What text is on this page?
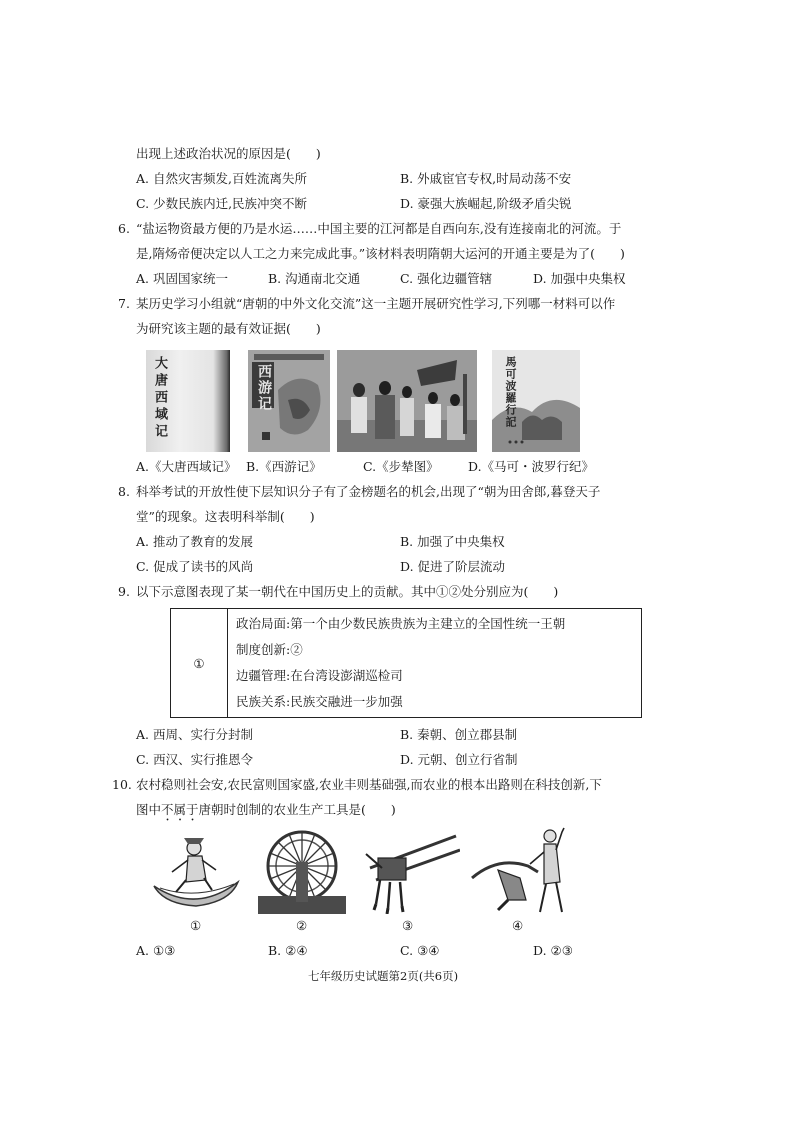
出现上述政治状况的原因是(　　)
A. 自然灾害频发,百姓流离失所	B. 外戚宦官专权,时局动荡不安
C. 少数民族内迁,民族冲突不断	D. 豪强大族崛起,阶级矛盾尖锐
6. “盐运物资最方便的乃是水运……中国主要的江河都是自西向东,没有连接南北的河流。于
是,隋炀帝便决定以人工之力来完成此事。”该材料表明隋朝大运河的开通主要是为了(　　)
A. 巩固国家统一	B. 沟通南北交通	C. 强化边疆管辖	D. 加强中央集权
7. 某历史学习小组就“唐朝的中外文化交流”这一主题开展研究性学习,下列哪一材料可以作
为研究该主题的最有效证据(　　)
大唐西域记	西游记	馬可波羅行記
A.《大唐西域记》 B.《西游记》	C.《步辇图》 D.《马可・波罗行纪》
8. 科举考试的开放性使下层知识分子有了金榜题名的机会,出现了“朝为田舍郎,暮登天子
堂”的现象。这表明科举制(　　)
A. 推动了教育的发展	B. 加强了中央集权
C. 促成了读书的风尚	D. 促进了阶层流动
9. 以下示意图表现了某一朝代在中国历史上的贡献。其中①②处分别应为(　　)
①	
政治局面:第一个由少数民族贵族为主建立的全国性统一王朝
制度创新:②
边疆管理:在台湾设澎湖巡检司
民族关系:民族交融进一步加强
A. 西周、实行分封制	B. 秦朝、创立郡县制
C. 西汉、实行推恩令	D. 元朝、创立行省制
10. 农村稳则社会安,农民富则国家盛,农业丰则基础强,而农业的根本出路则在科技创新,下
图中不属于唐朝时创制的农业生产工具是(　　)
①	②	③	④
A. ①③	B. ②④	C. ③④	D. ②③
七年级历史试题第2页(共6页)
